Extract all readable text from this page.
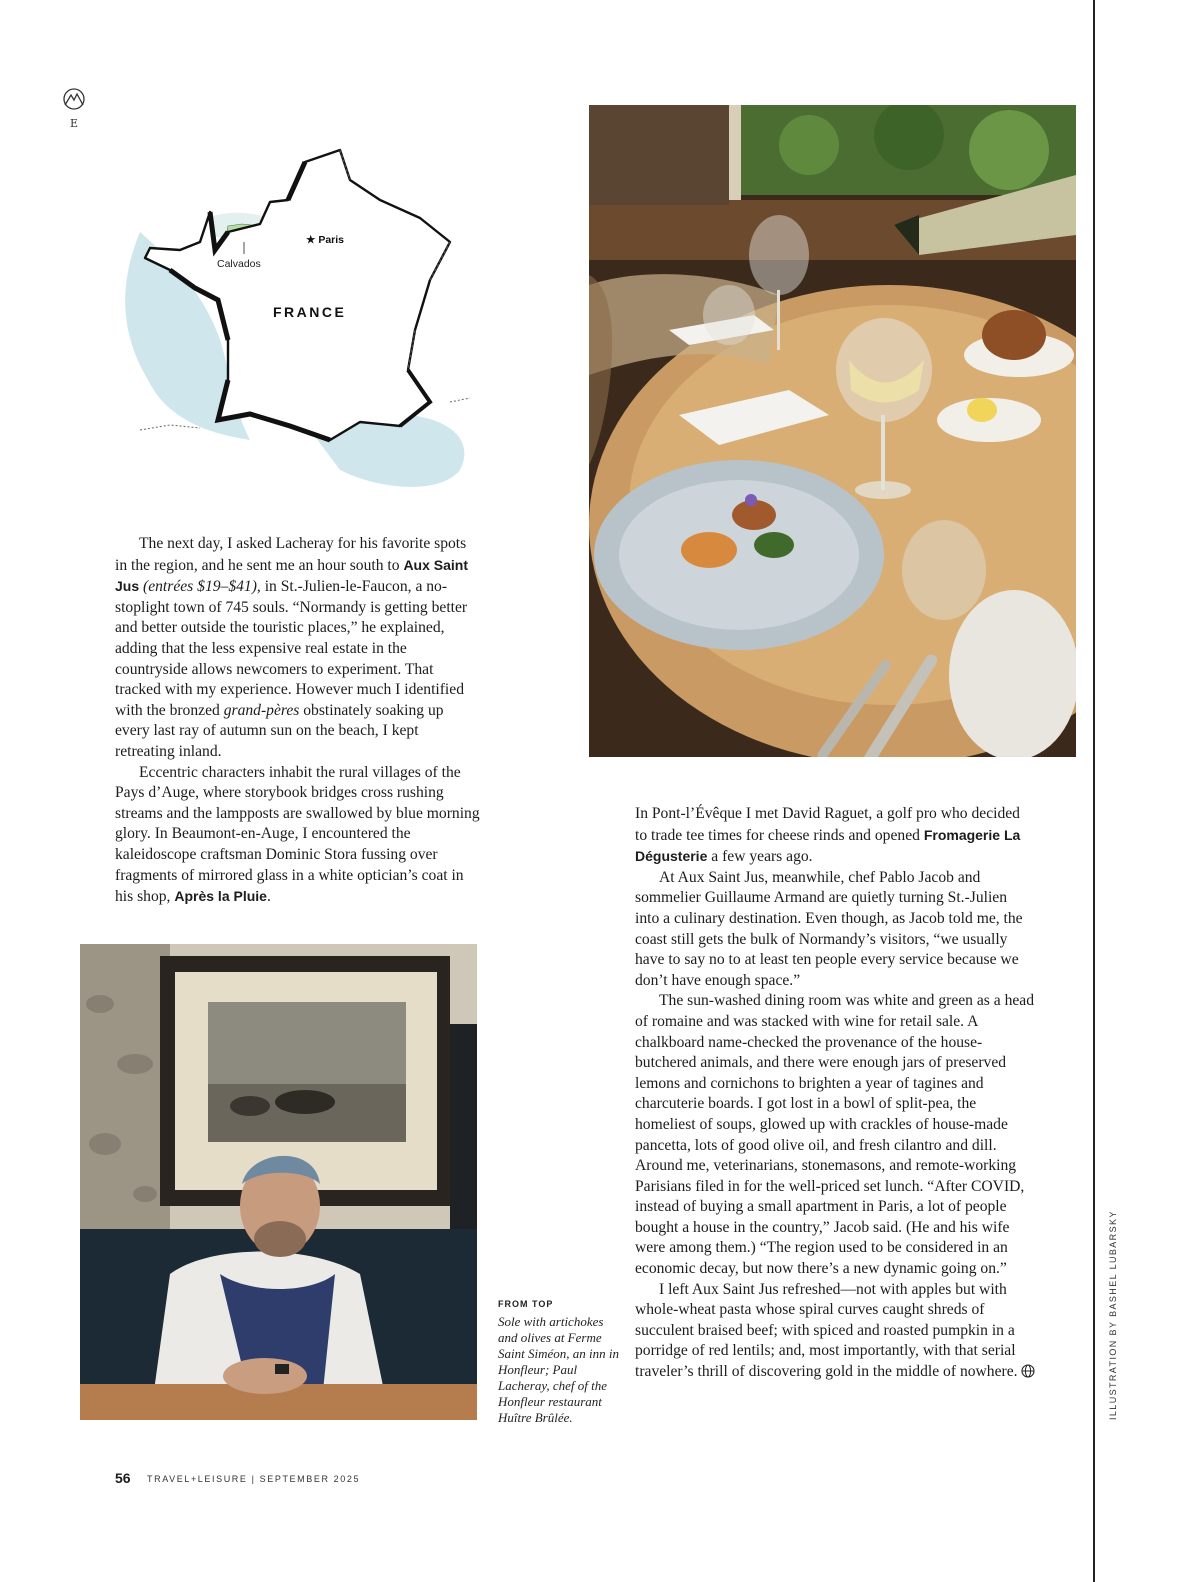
E
★ Paris
Calvados
FRANCE

The next day, I asked Lacheray for his favorite spots in the region, and he sent me an hour south to Aux Saint Jus (entrées $19–$41), in St.-Julien-le-Faucon, a no-stoplight town of 745 souls. “Normandy is getting better and better outside the touristic places,” he explained, adding that the less expensive real estate in the countryside allows newcomers to experiment. That tracked with my experience. However much I identified with the bronzed grand-pères obstinately soaking up every last ray of autumn sun on the beach, I kept retreating inland.

Eccentric characters inhabit the rural villages of the Pays d’Auge, where storybook bridges cross rushing streams and the lampposts are swallowed by blue morning glory. In Beaumont-en-Auge, I encountered the kaleidoscope craftsman Dominic Stora fussing over fragments of mirrored glass in a white optician’s coat in his shop, Après la Pluie.

FROM TOP
Sole with artichokes and olives at Ferme Saint Siméon, an inn in Honfleur; Paul Lacheray, chef of the Honfleur restaurant Huître Brûlée.

In Pont-l’Évêque I met David Raguet, a golf pro who decided to trade tee times for cheese rinds and opened Fromagerie La Dégusterie a few years ago.

At Aux Saint Jus, meanwhile, chef Pablo Jacob and sommelier Guillaume Armand are quietly turning St.-Julien into a culinary destination. Even though, as Jacob told me, the coast still gets the bulk of Normandy’s visitors, “we usually have to say no to at least ten people every service because we don’t have enough space.”

The sun-washed dining room was white and green as a head of romaine and was stacked with wine for retail sale. A chalkboard name-checked the provenance of the house-butchered animals, and there were enough jars of preserved lemons and cornichons to brighten a year of tagines and charcuterie boards. I got lost in a bowl of split-pea, the homeliest of soups, glowed up with crackles of house-made pancetta, lots of good olive oil, and fresh cilantro and dill. Around me, veterinarians, stonemasons, and remote-working Parisians filed in for the well-priced set lunch. “After COVID, instead of buying a small apartment in Paris, a lot of people bought a house in the country,” Jacob said. (He and his wife were among them.) “The region used to be considered in an economic decay, but now there’s a new dynamic going on.”

I left Aux Saint Jus refreshed—not with apples but with whole-wheat pasta whose spiral curves caught shreds of succulent braised beef; with spiced and roasted pumpkin in a porridge of red lentils; and, most importantly, with that serial traveler’s thrill of discovering gold in the middle of nowhere.	ILLUSTRATION BY BASHEL LUBARSKY
56 TRAVEL+LEISURE | SEPTEMBER 2025
